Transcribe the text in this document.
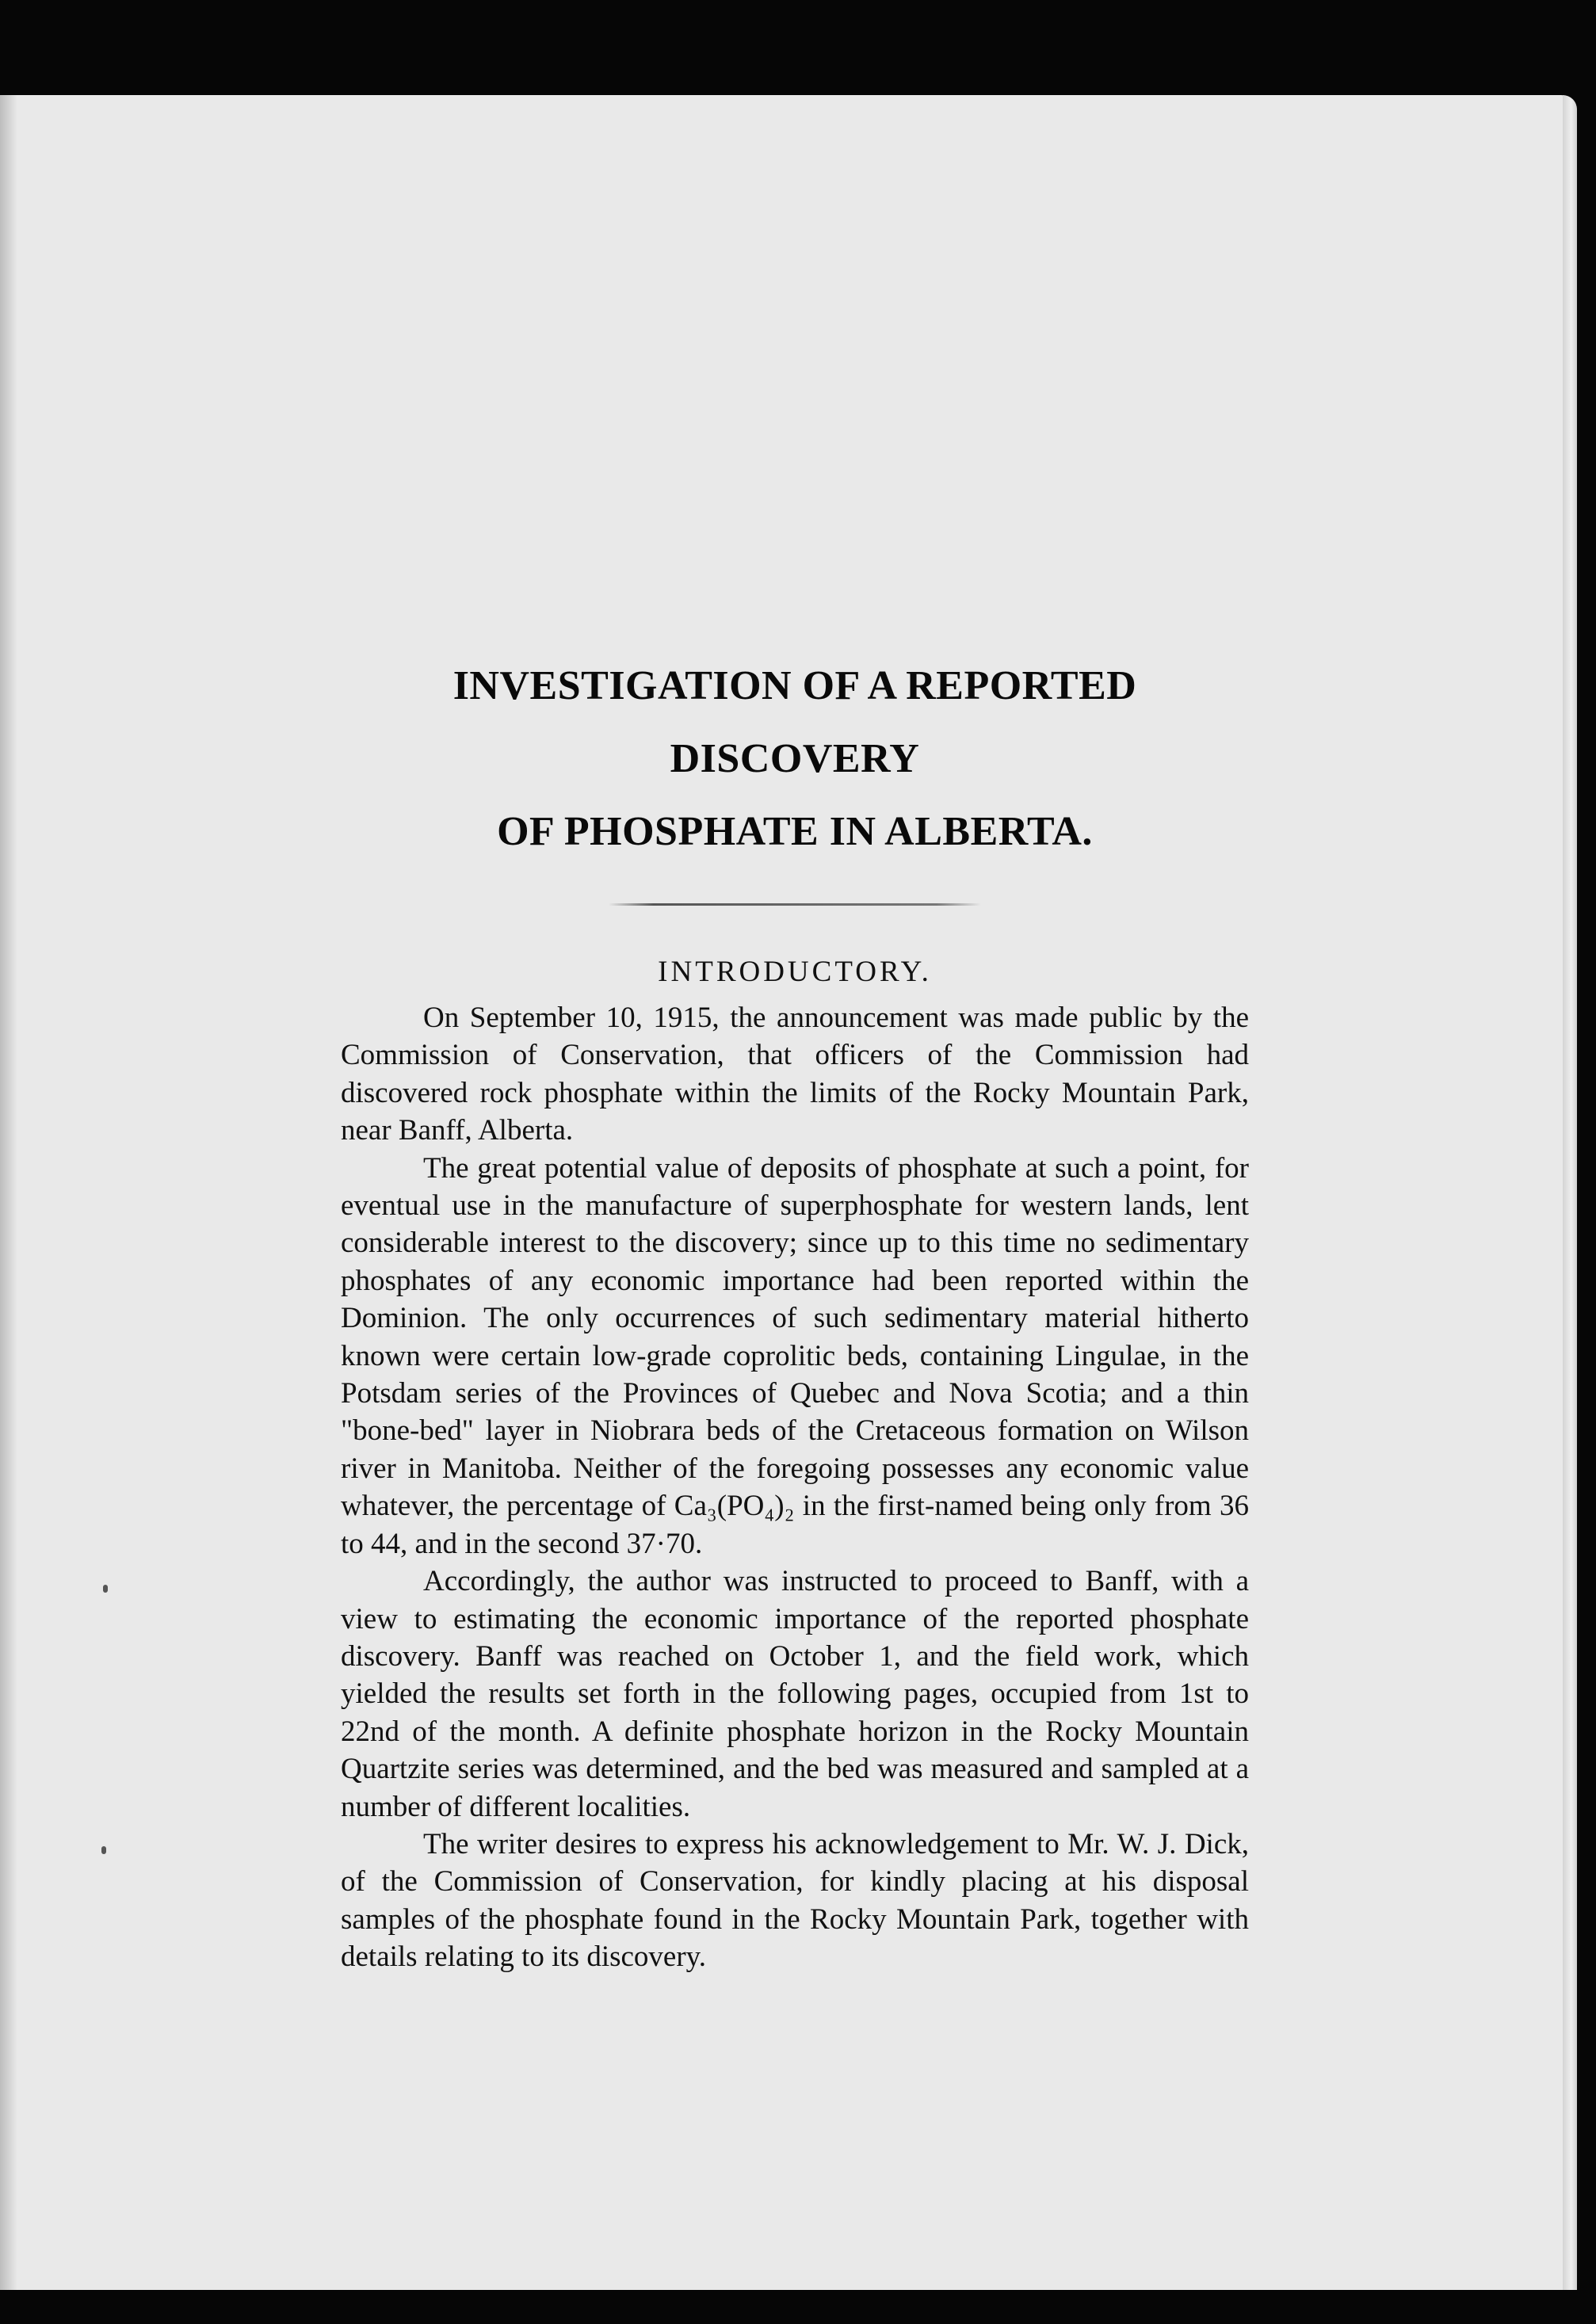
INVESTIGATION OF A REPORTED DISCOVERY
OF PHOSPHATE IN ALBERTA.
INTRODUCTORY.

On September 10, 1915, the announcement was made public by the Commission of Conservation, that officers of the Commission had discovered rock phosphate within the limits of the Rocky Mountain Park, near Banff, Alberta.

The great potential value of deposits of phosphate at such a point, for eventual use in the manufacture of superphosphate for western lands, lent considerable interest to the discovery; since up to this time no sedimentary phosphates of any economic importance had been reported within the Dominion. The only occurrences of such sedimentary material hitherto known were certain low-grade coprolitic beds, containing Lingulae, in the Potsdam series of the Provinces of Quebec and Nova Scotia; and a thin "bone-bed" layer in Niobrara beds of the Cretaceous formation on Wilson river in Manitoba. Neither of the foregoing possesses any economic value whatever, the percentage of Ca₃(PO₄)₂ in the first-named being only from 36 to 44, and in the second 37·70.

Accordingly, the author was instructed to proceed to Banff, with a view to estimating the economic importance of the reported phosphate discovery. Banff was reached on October 1, and the field work, which yielded the results set forth in the following pages, occupied from 1st to 22nd of the month. A definite phosphate horizon in the Rocky Mountain Quartzite series was determined, and the bed was measured and sampled at a number of different localities.

The writer desires to express his acknowledgement to Mr. W. J. Dick, of the Commission of Conservation, for kindly placing at his disposal samples of the phosphate found in the Rocky Mountain Park, together with details relating to its discovery.
